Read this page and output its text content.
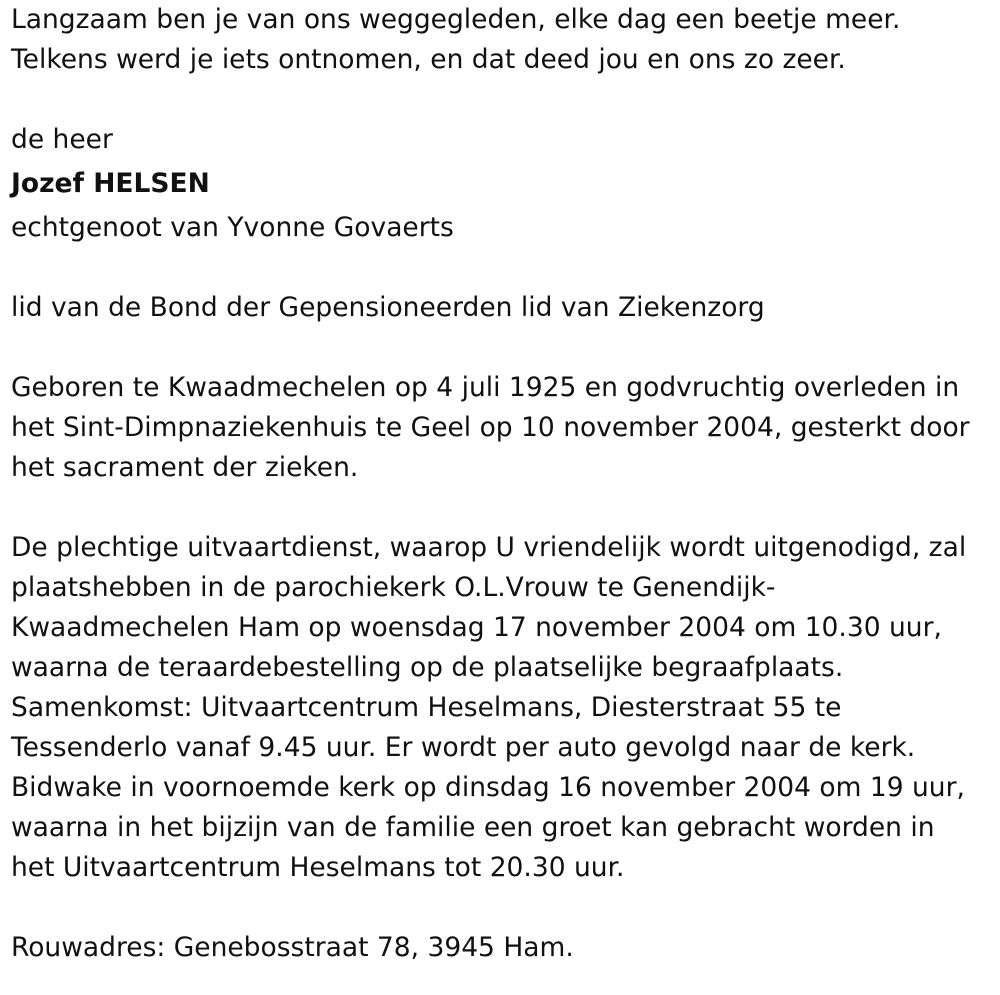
Langzaam ben je van ons weggegleden, elke dag een beetje meer.
Telkens werd je iets ontnomen, en dat deed jou en ons zo zeer.
de heer
Jozef HELSEN
echtgenoot van Yvonne Govaerts
lid van de Bond der Gepensioneerden lid van Ziekenzorg
Geboren te Kwaadmechelen op 4 juli 1925 en godvruchtig overleden in
het Sint-Dimpnaziekenhuis te Geel op 10 november 2004, gesterkt door
het sacrament der zieken.
De plechtige uitvaartdienst, waarop U vriendelijk wordt uitgenodigd, zal
plaatshebben in de parochiekerk O.L.Vrouw te Genendijk-
Kwaadmechelen Ham op woensdag 17 november 2004 om 10.30 uur,
waarna de teraardebestelling op de plaatselijke begraafplaats.
Samenkomst: Uitvaartcentrum Heselmans, Diesterstraat 55 te
Tessenderlo vanaf 9.45 uur. Er wordt per auto gevolgd naar de kerk.
Bidwake in voornoemde kerk op dinsdag 16 november 2004 om 19 uur,
waarna in het bijzijn van de familie een groet kan gebracht worden in
het Uitvaartcentrum Heselmans tot 20.30 uur.
Rouwadres: Genebosstraat 78, 3945 Ham.
